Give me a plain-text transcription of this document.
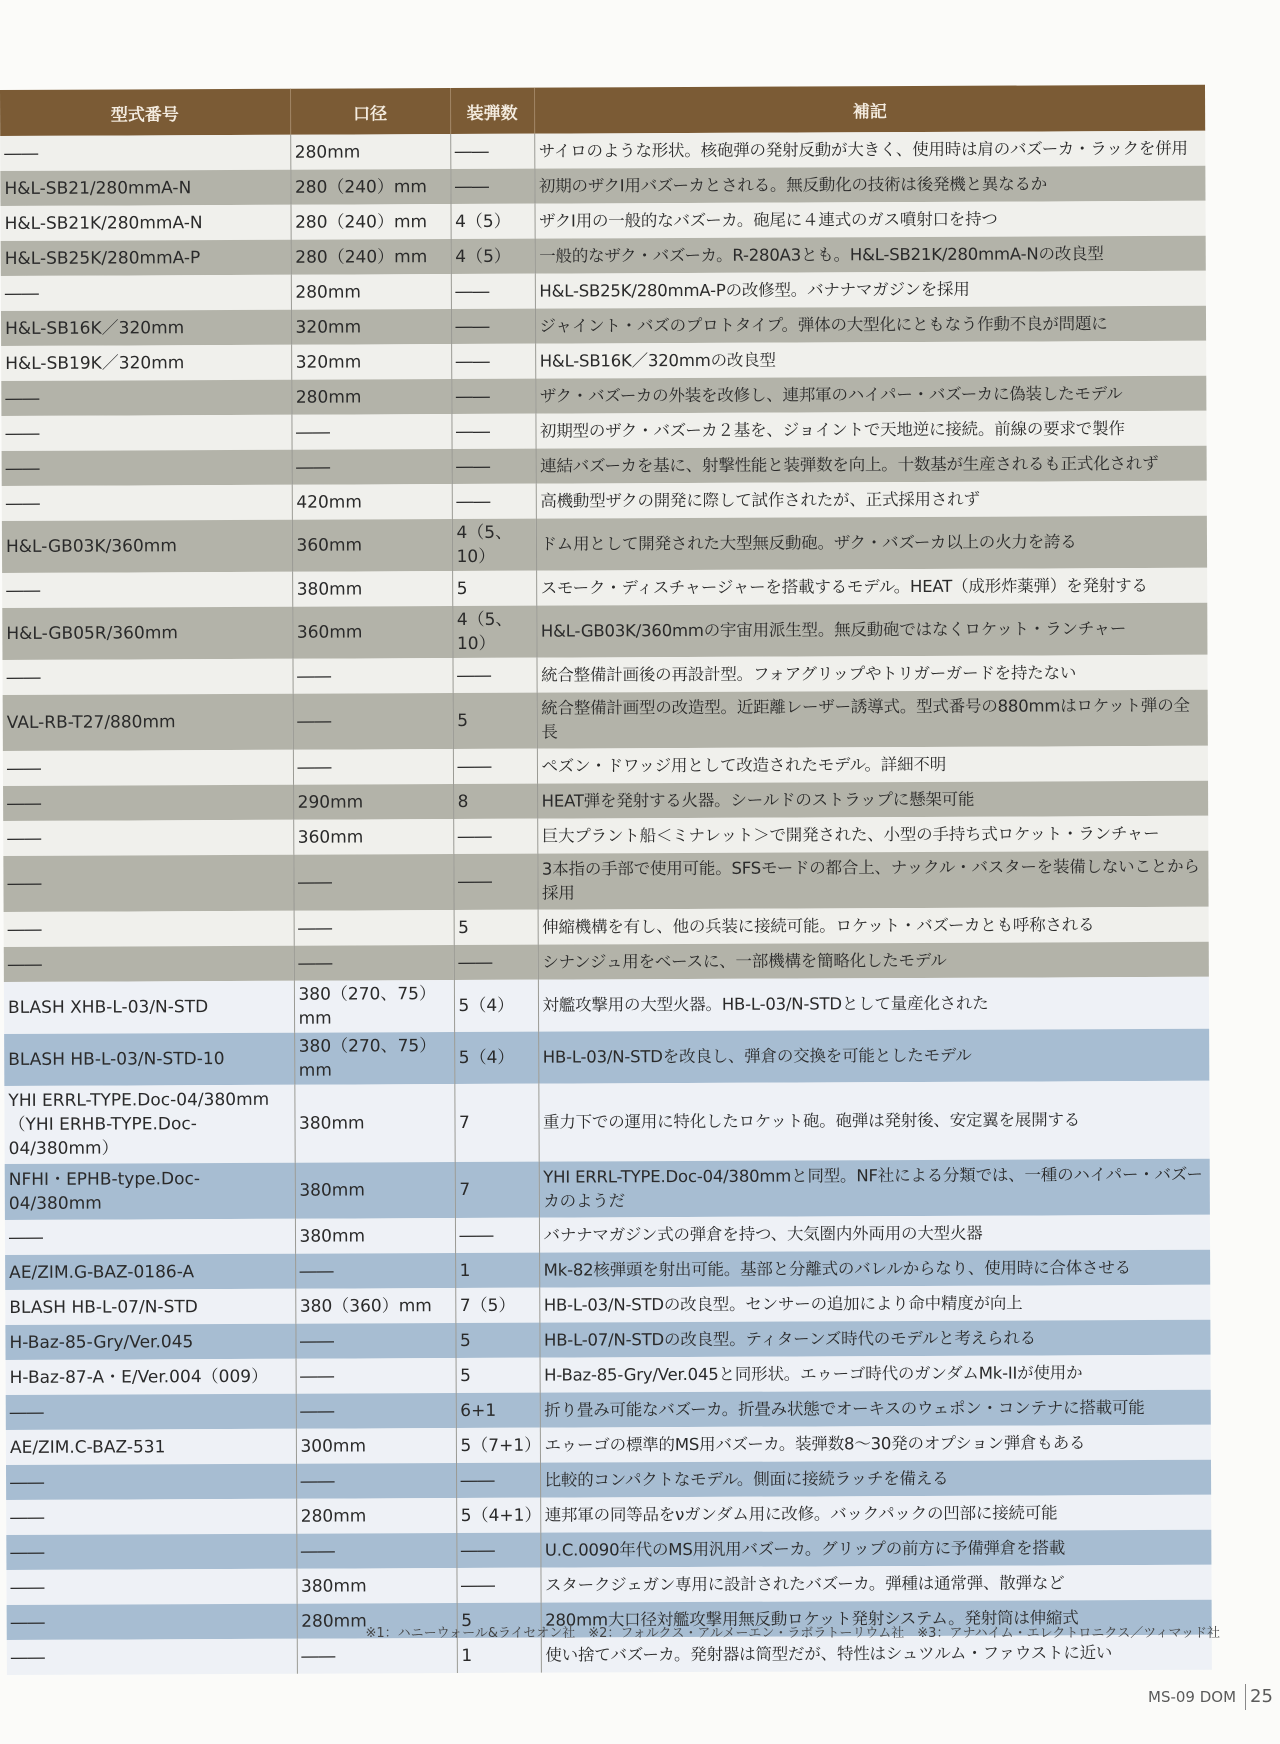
型式番号	口径	装弾数	補記
――	280mm	――	サイロのような形状。核砲弾の発射反動が大きく、使用時は肩のバズーカ・ラックを併用
H&L-SB21/280mmA-N	280（240）mm	――	初期のザクI用バズーカとされる。無反動化の技術は後発機と異なるか
H&L-SB21K/280mmA-N	280（240）mm	4（5）	ザクI用の一般的なバズーカ。砲尾に４連式のガス噴射口を持つ
H&L-SB25K/280mmA-P	280（240）mm	4（5）	一般的なザク・バズーカ。R-280A3とも。H&L-SB21K/280mmA-Nの改良型
――	280mm	――	H&L-SB25K/280mmA-Pの改修型。バナナマガジンを採用
H&L-SB16K／320mm	320mm	――	ジャイント・バズのプロトタイプ。弾体の大型化にともなう作動不良が問題に
H&L-SB19K／320mm	320mm	――	H&L-SB16K／320mmの改良型
――	280mm	――	ザク・バズーカの外装を改修し、連邦軍のハイパー・バズーカに偽装したモデル
――	――	――	初期型のザク・バズーカ２基を、ジョイントで天地逆に接続。前線の要求で製作
――	――	――	連結バズーカを基に、射撃性能と装弾数を向上。十数基が生産されるも正式化されず
――	420mm	――	高機動型ザクの開発に際して試作されたが、正式採用されず
H&L-GB03K/360mm	360mm	4（5、10）	ドム用として開発された大型無反動砲。ザク・バズーカ以上の火力を誇る
――	380mm	5	スモーク・ディスチャージャーを搭載するモデル。HEAT（成形炸薬弾）を発射する
H&L-GB05R/360mm	360mm	4（5、10）	H&L-GB03K/360mmの宇宙用派生型。無反動砲ではなくロケット・ランチャー
――	――	――	統合整備計画後の再設計型。フォアグリップやトリガーガードを持たない
VAL-RB-T27/880mm	――	5	統合整備計画型の改造型。近距離レーザー誘導式。型式番号の880mmはロケット弾の全長
――	――	――	ペズン・ドワッジ用として改造されたモデル。詳細不明
――	290mm	8	HEAT弾を発射する火器。シールドのストラップに懸架可能
――	360mm	――	巨大プラント船＜ミナレット＞で開発された、小型の手持ち式ロケット・ランチャー
――	――	――	3本指の手部で使用可能。SFSモードの都合上、ナックル・バスターを装備しないことから採用
――	――	5	伸縮機構を有し、他の兵装に接続可能。ロケット・バズーカとも呼称される
――	――	――	シナンジュ用をベースに、一部機構を簡略化したモデル
BLASH XHB-L-03/N-STD	380（270、75）mm	5（4）	対艦攻撃用の大型火器。HB-L-03/N-STDとして量産化された
BLASH HB-L-03/N-STD-10	380（270、75）mm	5（4）	HB-L-03/N-STDを改良し、弾倉の交換を可能としたモデル
YHI ERRL-TYPE.Doc-04/380mm（YHI ERHB-TYPE.Doc-04/380mm）	380mm	7	重力下での運用に特化したロケット砲。砲弾は発射後、安定翼を展開する
NFHI・EPHB-type.Doc-04/380mm	380mm	7	YHI ERRL-TYPE.Doc-04/380mmと同型。NF社による分類では、一種のハイパー・バズーカのようだ
――	380mm	――	バナナマガジン式の弾倉を持つ、大気圏内外両用の大型火器
AE/ZIM.G-BAZ-0186-A	――	1	Mk-82核弾頭を射出可能。基部と分離式のバレルからなり、使用時に合体させる
BLASH HB-L-07/N-STD	380（360）mm	7（5）	HB-L-03/N-STDの改良型。センサーの追加により命中精度が向上
H-Baz-85-Gry/Ver.045	――	5	HB-L-07/N-STDの改良型。ティターンズ時代のモデルと考えられる
H-Baz-87-A・E/Ver.004（009）	――	5	H-Baz-85-Gry/Ver.045と同形状。エゥーゴ時代のガンダムMk-IIが使用か
――	――	6+1	折り畳み可能なバズーカ。折畳み状態でオーキスのウェポン・コンテナに搭載可能
AE/ZIM.C-BAZ-531	300mm	5（7+1）	エゥーゴの標準的MS用バズーカ。装弾数8～30発のオプション弾倉もある
――	――	――	比較的コンパクトなモデル。側面に接続ラッチを備える
――	280mm	5（4+1）	連邦軍の同等品をνガンダム用に改修。バックパックの凹部に接続可能
――	――	――	U.C.0090年代のMS用汎用バズーカ。グリップの前方に予備弾倉を搭載
――	380mm	――	スタークジェガン専用に設計されたバズーカ。弾種は通常弾、散弾など
――	280mm	5	280mm大口径対艦攻撃用無反動ロケット発射システム。発射筒は伸縮式
――	――	1	使い捨てバズーカ。発射器は筒型だが、特性はシュツルム・ファウストに近い
※1：ハニーウォール&ライセオン社　※2：フォルクス・アルメーエン・ラボラトーリウム社　※3：アナハイム・エレクトロニクス／ツィマッド社
MS-09 DOM 25
